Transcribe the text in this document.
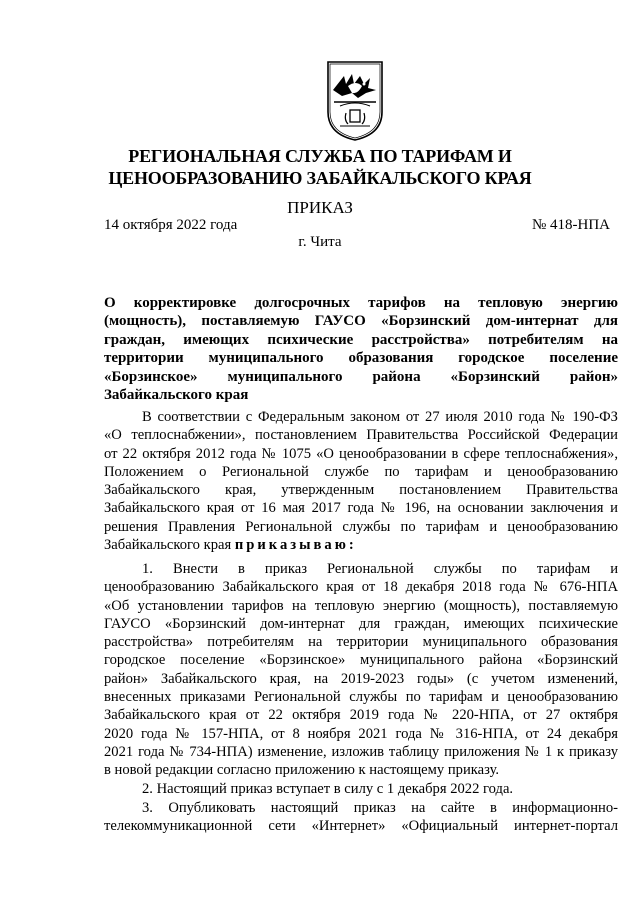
РЕГИОНАЛЬНАЯ СЛУЖБА ПО ТАРИФАМ И
ЦЕНООБРАЗОВАНИЮ ЗАБАЙКАЛЬСКОГО КРАЯ
ПРИКАЗ
14 октября 2022 года	№ 418-НПА
г. Чита
О корректировке долгосрочных тарифов на тепловую энергию
(мощность), поставляемую ГАУСО «Борзинский дом-интернат для
граждан, имеющих психические расстройства» потребителям на
территории муниципального образования городское поселение
«Борзинское» муниципального района «Борзинский район»
Забайкальского края
В соответствии с Федеральным законом от 27 июля 2010 года № 190-ФЗ
«О теплоснабжении», постановлением Правительства Российской Федерации
от 22 октября 2012 года № 1075 «О ценообразовании в сфере теплоснабжения»,
Положением о Региональной службе по тарифам и ценообразованию
Забайкальского края, утвержденным постановлением Правительства
Забайкальского края от 16 мая 2017 года № 196, на основании заключения и
решения Правления Региональной службы по тарифам и ценообразованию
Забайкальского края приказываю:
1. Внести в приказ Региональной службы по тарифам и
ценообразованию Забайкальского края от 18 декабря 2018 года № 676-НПА
«Об установлении тарифов на тепловую энергию (мощность), поставляемую
ГАУСО «Борзинский дом-интернат для граждан, имеющих психические
расстройства» потребителям на территории муниципального образования
городское поселение «Борзинское» муниципального района «Борзинский
район» Забайкальского края, на 2019-2023 годы» (с учетом изменений,
внесенных приказами Региональной службы по тарифам и ценообразованию
Забайкальского края от 22 октября 2019 года № 220-НПА, от 27 октября
2020 года № 157-НПА, от 8 ноября 2021 года № 316-НПА, от 24 декабря
2021 года № 734-НПА) изменение, изложив таблицу приложения № 1 к приказу
в новой редакции согласно приложению к настоящему приказу.
2. Настоящий приказ вступает в силу с 1 декабря 2022 года.
3. Опубликовать настоящий приказ на сайте в информационно-
телекоммуникационной сети «Интернет» «Официальный интернет-портал
